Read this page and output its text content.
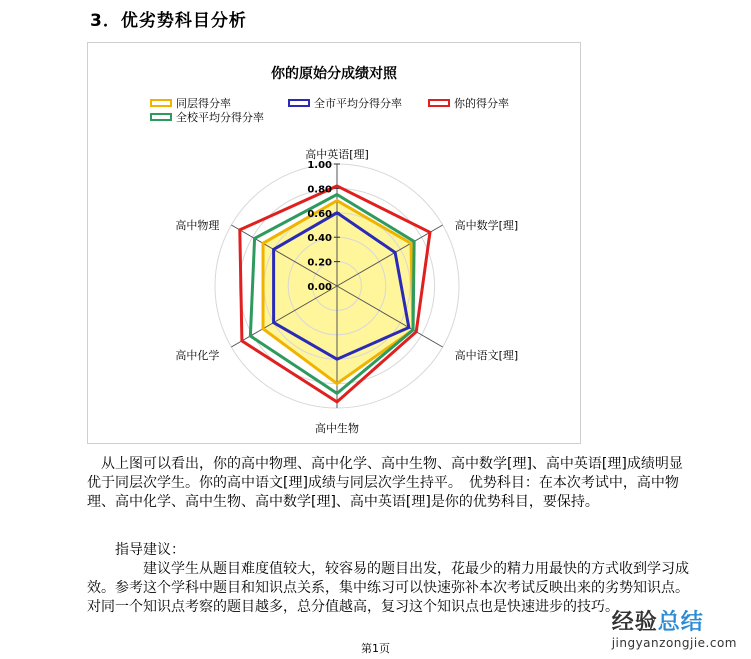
3．优劣势科目分析
你的原始分成绩对照
同层得分率	全市平均分得分率	你的得分率
全校平均分得分率
1.00
0.80
0.60
0.40
0.20
0.00
高中英语[理]
高中数学[理]
高中语文[理]
高中生物
高中化学
高中物理
从上图可以看出，你的高中物理、高中化学、高中生物、高中数学[理]、高中英语[理]成绩明显优于同层次学生。你的高中语文[理]成绩与同层次学生持平。　优势科目：在本次考试中，高中物理、高中化学、高中生物、高中数学[理]、高中英语[理]是你的优势科目，要保持。
指导建议：
建议学生从题目难度值较大，较容易的题目出发，花最少的精力用最快的方式收到学习成效。参考这个学科中题目和知识点关系，集中练习可以快速弥补本次考试反映出来的劣势知识点。对同一个知识点考察的题目越多，总分值越高，复习这个知识点也是快速进步的技巧。
第1页
经验总结
jingyanzongjie.com
